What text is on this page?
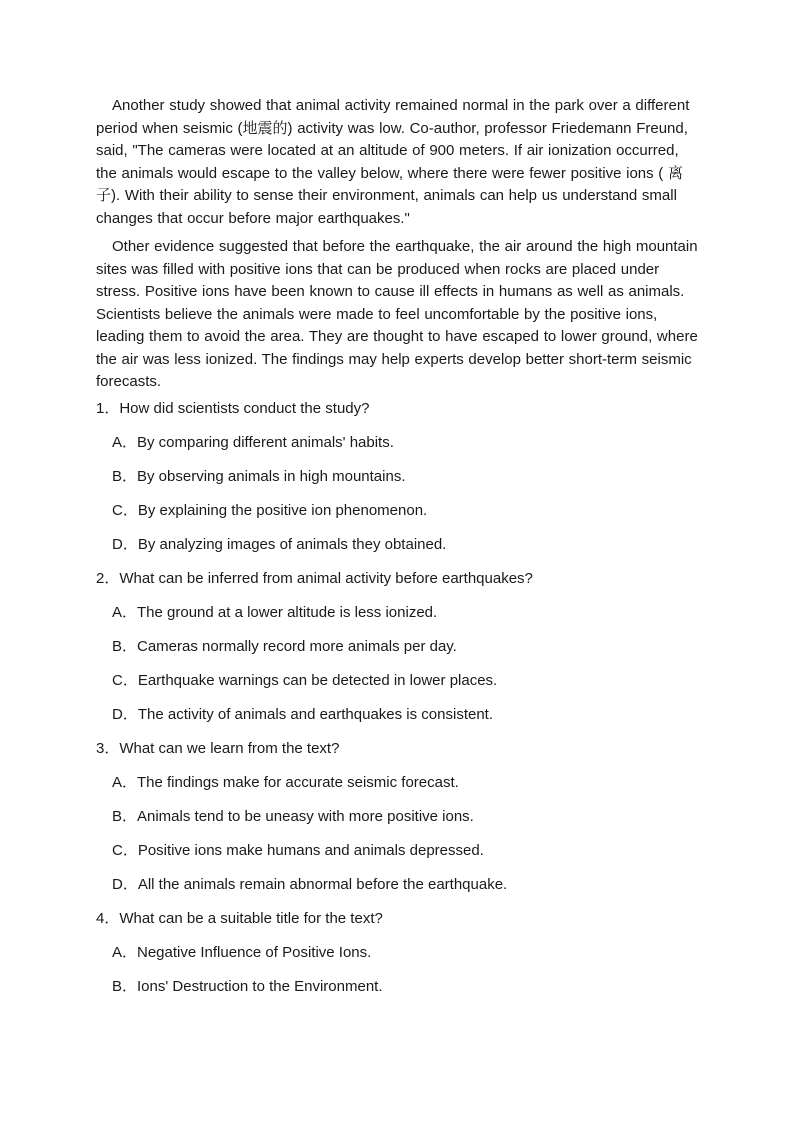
Another study showed that animal activity remained normal in the park over a different period when seismic (地震的) activity was low. Co-author, professor Friedemann Freund, said, "The cameras were located at an altitude of 900 meters. If air ionization occurred, the animals would escape to the valley below, where there were fewer positive ions ( 离子). With their ability to sense their environment, animals can help us understand small changes that occur before major earthquakes."

Other evidence suggested that before the earthquake, the air around the high mountain sites was filled with positive ions that can be produced when rocks are placed under stress. Positive ions have been known to cause ill effects in humans as well as animals. Scientists believe the animals were made to feel uncomfortable by the positive ions, leading them to avoid the area. They are thought to have escaped to lower ground, where the air was less ionized. The findings may help experts develop better short-term seismic forecasts.

1．How did scientists conduct the study?

A．By comparing different animals' habits.

B．By observing animals in high mountains.

C．By explaining the positive ion phenomenon.

D．By analyzing images of animals they obtained.

2．What can be inferred from animal activity before earthquakes?

A．The ground at a lower altitude is less ionized.

B．Cameras normally record more animals per day.

C．Earthquake warnings can be detected in lower places.

D．The activity of animals and earthquakes is consistent.

3．What can we learn from the text?

A．The findings make for accurate seismic forecast.

B．Animals tend to be uneasy with more positive ions.

C．Positive ions make humans and animals depressed.

D．All the animals remain abnormal before the earthquake.

4．What can be a suitable title for the text?

A．Negative Influence of Positive Ions.

B．Ions' Destruction to the Environment.
